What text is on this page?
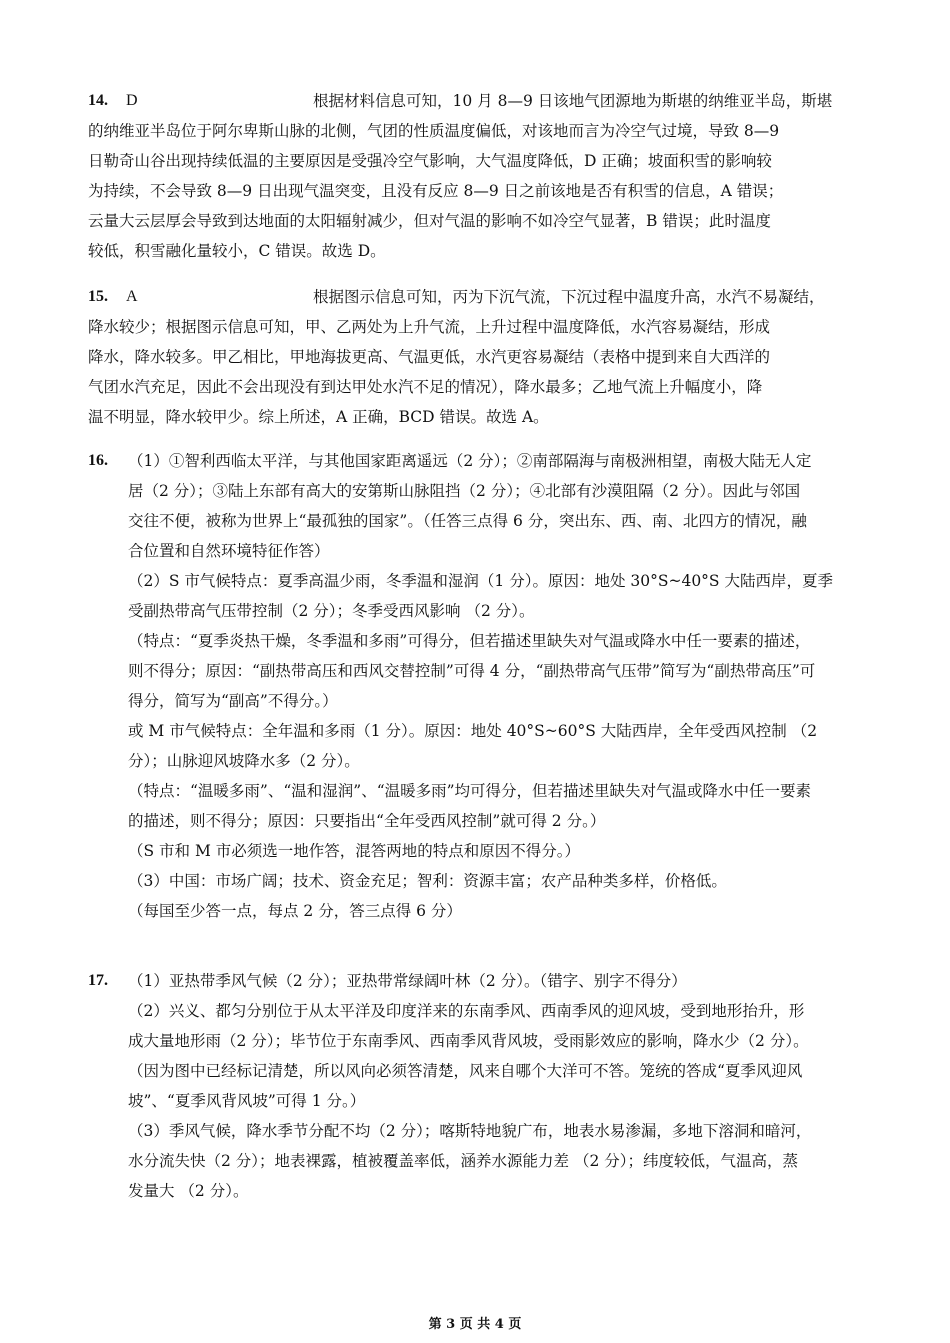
14. D	根据材料信息可知，10 月 8—9 日该地气团源地为斯堪的纳维亚半岛，斯堪
的纳维亚半岛位于阿尔卑斯山脉的北侧，气团的性质温度偏低，对该地而言为冷空气过境，导致 8—9
日勒奇山谷出现持续低温的主要原因是受强冷空气影响，大气温度降低，D 正确；坡面积雪的影响较
为持续，不会导致 8—9 日出现气温突变，且没有反应 8—9 日之前该地是否有积雪的信息，A 错误；
云量大云层厚会导致到达地面的太阳辐射减少，但对气温的影响不如冷空气显著，B 错误；此时温度
较低，积雪融化量较小，C 错误。故选 D。
15. A	根据图示信息可知，丙为下沉气流，下沉过程中温度升高，水汽不易凝结，
降水较少；根据图示信息可知，甲、乙两处为上升气流，上升过程中温度降低，水汽容易凝结，形成
降水，降水较多。甲乙相比，甲地海拔更高、气温更低，水汽更容易凝结（表格中提到来自大西洋的
气团水汽充足，因此不会出现没有到达甲处水汽不足的情况），降水最多；乙地气流上升幅度小，降
温不明显，降水较甲少。综上所述，A 正确，BCD 错误。故选 A。
16. （1）①智利西临太平洋，与其他国家距离遥远（2 分）；②南部隔海与南极洲相望，南极大陆无人定
居（2 分）；③陆上东部有高大的安第斯山脉阻挡（2 分）；④北部有沙漠阻隔（2 分）。因此与邻国
交往不便，被称为世界上“最孤独的国家”。（任答三点得 6 分，突出东、西、南、北四方的情况，融
合位置和自然环境特征作答）
（2）S 市气候特点：夏季高温少雨，冬季温和湿润（1 分）。原因：地处 30°S~40°S 大陆西岸，夏季
受副热带高气压带控制（2 分）；冬季受西风影响 （2 分）。
（特点：“夏季炎热干燥，冬季温和多雨”可得分，但若描述里缺失对气温或降水中任一要素的描述，
则不得分；原因：“副热带高压和西风交替控制”可得 4 分，“副热带高气压带”简写为“副热带高压”可
得分，简写为“副高”不得分。）
或 M 市气候特点：全年温和多雨（1 分）。原因：地处 40°S~60°S 大陆西岸，全年受西风控制 （2
分）；山脉迎风坡降水多（2 分）。
（特点：“温暖多雨”、“温和湿润”、“温暖多雨”均可得分，但若描述里缺失对气温或降水中任一要素
的描述，则不得分；原因：只要指出“全年受西风控制”就可得 2 分。）
（S 市和 M 市必须选一地作答，混答两地的特点和原因不得分。）
（3）中国：市场广阔；技术、资金充足；智利：资源丰富；农产品种类多样，价格低。
（每国至少答一点，每点 2 分，答三点得 6 分）
17. （1）亚热带季风气候（2 分）；亚热带常绿阔叶林（2 分）。（错字、别字不得分）
（2）兴义、都匀分别位于从太平洋及印度洋来的东南季风、西南季风的迎风坡，受到地形抬升，形
成大量地形雨（2 分）；毕节位于东南季风、西南季风背风坡，受雨影效应的影响，降水少（2 分）。
（因为图中已经标记清楚，所以风向必须答清楚，风来自哪个大洋可不答。笼统的答成“夏季风迎风
坡”、“夏季风背风坡”可得 1 分。）
（3）季风气候，降水季节分配不均（2 分）；喀斯特地貌广布，地表水易渗漏，多地下溶洞和暗河，
水分流失快（2 分）；地表裸露，植被覆盖率低，涵养水源能力差 （2 分）；纬度较低，气温高，蒸
发量大 （2 分）。
第 3 页 共 4 页
